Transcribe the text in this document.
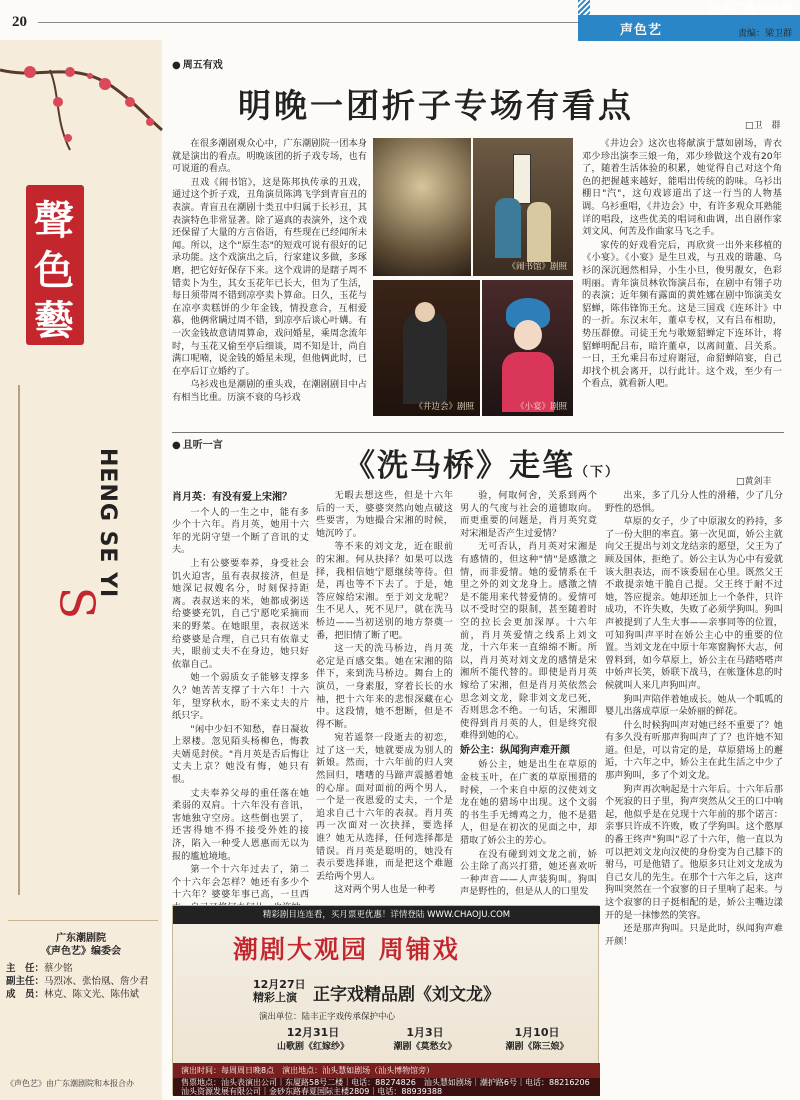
20
声色艺
汕头广播电视报
责编：梁卫群
聲
色
藝
HENG SE YI
S
广东潮剧院
《声色艺》编委会
主　任：蔡少铭
副主任：马烈冰、张怡凰、詹少君
成　员：林克、陈文光、陈伟斌
《声色艺》由广东潮剧院和本报合办
● 周五有戏
明晚一团折子专场有看点
□卫　群

在很多潮剧观众心中，广东潮剧院一团本身就是演出的看点。明晚该团的折子戏专场，也有可说道的看点。

丑戏《闹书馆》，这是陈邦执传承的丑戏，通过这个折子戏，丑角演员陈鸿飞学到青盲丑的表演。青盲丑在潮剧十类丑中归属于长衫丑，其表演特色非常显著。除了逼真的表演外，这个戏还保留了大量的方言俗语，有些现在已经闻所未闻。所以，这个"原生态"的短戏可说有很好的记录功能。这个戏演出之后，行家建议多做，多琢磨，把它好好保存下来。这个戏讲的是瞎子周不错卖卜为生，其女玉花年已长大，但为了生活，每日须带周不错到凉亭卖卜算命。日久，玉花与在凉亭卖糕饼的少年金钱，情投意合，互相爱慕，他俩常瞒过周不错，到凉亭后谈心叶媾。有一次金钱故意请周算命，戏问婚星，乘周念流年时，与玉花又偷至亭后细谈，周不知是计，尚自满口呢喃，说金钱的婚星未现，但他俩此时，已在亭后订立婚约了。

乌衫戏也是潮剧的重头戏，在潮剧剧目中占有相当比重。历演不衰的乌衫戏

《闹书馆》剧照
《井边会》剧照	《小宴》剧照

《井边会》这次也将献演于慧如剧场，青衣邓少珍出演李三娘一角，邓少珍做这个戏有20年了，随着生活体验的积累，她觉得自己对这个角色的把握越来越好，能唱出传统的韵味。乌衫出棚日"汽"，这句戏谚道出了这一行当的人物基调。乌衫重唱，《井边会》中，有许多观众耳熟能详的唱段，这些优美的唱词和曲调，出自剧作家刘文风、何苦及作曲家马飞之手。

家传的好戏看完后，再欣赏一出外来移植的《小宴》。《小宴》是生旦戏，与丑戏的谐趣、乌衫的深沉迥然相异，小生小旦，俊男靓女，色彩明丽。青年演员林钦饰演吕布，在剧中有翎子功的表演；近年频有露面的黄姓娜在剧中饰演美女貂蝉，陈伟锋饰王允。这是三国戏《连环计》中的一折。东汉末年，董卓专权，又有吕布相助，势压群僚。司徒王允与歌姬貂蝉定下连环计，将貂蝉明配吕布，暗许董卓，以离间董、吕关系。一日，王允乘吕布过府谢冠，命貂蝉陪宴，自己却找个机会离开，以行此计。这个戏，至少有一个看点，就看新人吧。

● 且听一言
《洗马桥》走笔（下）
□黄剑丰

肖月英：有没有爱上宋湘？

一个人的一生之中，能有多少个十六年。肖月英，她用十六年的光阴守望一个断了音讯的丈夫。

上有公婆要奉养，身受社会饥火迫害，虽有表叔接济，但是她深记叔嫂名分，时刻保持距离。表叔送来的米，她都成粥送给婆婆充饥，自己宁愿吃采摘而来的野菜。在她眼里，表叔送米给婆婆是合理，自己只有依靠丈夫，眼前丈夫不在身边，她只好依靠自己。

她一个弱质女子能够支撑多久？她苦苦支撑了十六年！十六年，望穿秋水，盼不来丈夫的片纸只字。

"闲中少妇不知愁，春日凝妆上翠楼。忽见陌头杨柳色，悔教夫婿觅封侯。"肖月英是否后悔让丈夫上京？她没有悔，她只有恨。

丈夫奉养父母的重任落在她柔弱的双肩。十六年没有音讯，害她独守空房。这些倒也罢了，还害得她不得不接受外姓的接济，陷入一种受人恩惠而无以为报的尴尬境地。

第一个十六年过去了，第二个十六年会怎样？她还有多少个十六年？婆婆年事已高，一旦西

无暇去想这些，但是十六年后的一天，婆婆突然向她点破这些要害，为她撮合宋湘的时候，她沉吟了。

等不来的刘文龙，近在眼前的宋湘。何从抉择？如果可以选择，我相信她宁愿继续等待。但是，再也等不下去了。于是，她答应嫁给宋湘。至于刘文龙呢？生不见人，死不见尸，就在洗马桥边——当初送别的地方祭奠一番，把旧情了断了吧。

这一天的洗马桥边，肖月英必定是百感交集。她在宋湘的陪伴下，来到洗马桥边。舞台上的演员，一身素服，穿着长长的水袖，把十六年来的悲恨深藏在心中。这段情，她不想断，但是不得不断。

宛若遥祭一段逝去的初恋，过了这一天，她就要成为别人的新娘。然而，十六年前的归人突然回归，嗜嗜的马蹄声震撼着她的心扉。面对面前的两个男人，一个是一夜恩爱的丈夫，一个是追求自己十六年的表叔。肖月英再一次面对一次抉择，要选择谁？她无从选择，任何选择都是错误。肖月英是聪明的，她没有表示要选择谁，而是把这个难题丢给两个男人。

这对两个男人也是一种考

验，何取何舍，关系到两个男人的气度与社会的道德取向。而更重要的问题是，肖月英究竟对宋湘是否产生过爱情？

无可否认，肖月英对宋湘是有感情的，但这种"情"是感激之情，而非爱情。她的爱情系在千里之外的刘文龙身上。感激之情是不能用来代替爱情的。爱情可以不受时空的限制，甚至随着时空的拉长会更加深厚。十六年前，肖月英爱情之线系上刘文龙，十六年来一直绵绵不断。所以，肖月英对刘文龙的感情是宋湘所不能代替的。即使是肖月英嫁给了宋湘，但是肖月英依然会思念刘文龙，除非刘文龙已死，否则思念不绝。一句话，宋湘即使得到肖月英的人，但是终究很难得到她的心。

娇公主：纵闻狗声难开颜

娇公主，她是出生在草原的金枝玉叶，在广袤的草原围猎的时候，一个来自中原的汉使刘文龙在她的猎场中出现。这个文弱的书生手无缚鸡之力，他不是猎人，但是在初次的见面之中，却猎取了娇公主的芳心。

在没有碰到刘文龙之前，娇公主除了高兴打猎，她还喜欢听一种声音——人声装狗叫。狗叫声是野性的，但是从人的口里发

出来，多了几分人性的滑稽，少了几分野性的恐惧。

草原的女子，少了中原淑女的矜持，多了一份大胆的率直。第一次见面，娇公主就向父王提出与刘文龙结亲的愿望，父王为了顾及国体，拒绝了。娇公主认为心中有爱就该大胆表达，而不该委屈在心里。既然父王不敢提亲她干脆自己提。父王终于耐不过她，答应提亲。她却还加上一个条件，只许成功，不许失败，失败了必须学狗叫。狗叫声被提到了人生大事——亲事同等的位置，可知狗叫声平时在娇公主心中的重要的位置。当刘文龙在中原十年寒窗胸怀大志，何曾料到，如今草原上，娇公主在马踏嗒嗒声中娇声长笑，娇联下战马，在帐篷休息的时候就叫人来几声狗叫声。

狗叫声陪伴着她成长。她从一个呱呱的婴儿出落成草原一朵娇丽的鲜花。

什么时候狗叫声对她已经不重要了？她有多久没有听那声狗叫声了了？也许她不知道。但是，可以肯定的是，草原猎场上的邂逅，十六年之中，娇公主在此生活之中少了那声狗叫，多了个刘文龙。

狗声再次响起是十六年后。十六年后那个死寂的日子里，狗声突然从父王的口中响起，他似乎是在兑现十六年前的那个诺言：亲事只许成不许败，败了学狗叫。这个憨厚的番王终声"狗叫"忍了十六年，他一直以为可以把刘文龙向汉使的身份变为自己膝下的驸马，可是他错了。他原多只让刘文龙成为自己女儿的先生。在那个十六年之后，这声狗叫突然在一个寂寥的日子里响了起来。与这个寂寥的日子挺相配的是，娇公主嘴边漾开的是一抹惨然的笑容。

还是那声狗叫。只是此时，纵闻狗声难开颜！

精彩剧目连连看，买月票更优惠！详情登陆 WWW.CHAOJU.COM
潮剧大观园 周铺戏
12月27日 精彩上演 正字戏精品剧《刘文龙》
演出单位：陆丰正字戏传承保护中心
12月31日
山歌剧《红嫁纱》
1月3日
潮剧《莫愁女》
1月10日
潮剧《陈三娘》
演出时间：每周周日晚8点　演出地点：汕头慧如剧场（汕头博物馆旁）
售票地点：汕头表演出公司｜东厦路58号二楼｜电话：88274826　汕头慧如剧场｜潮护路6号｜电话：88216206
汕头资源发展有限公司｜金砂东路春夏国际主楼2809｜电话：88939388
